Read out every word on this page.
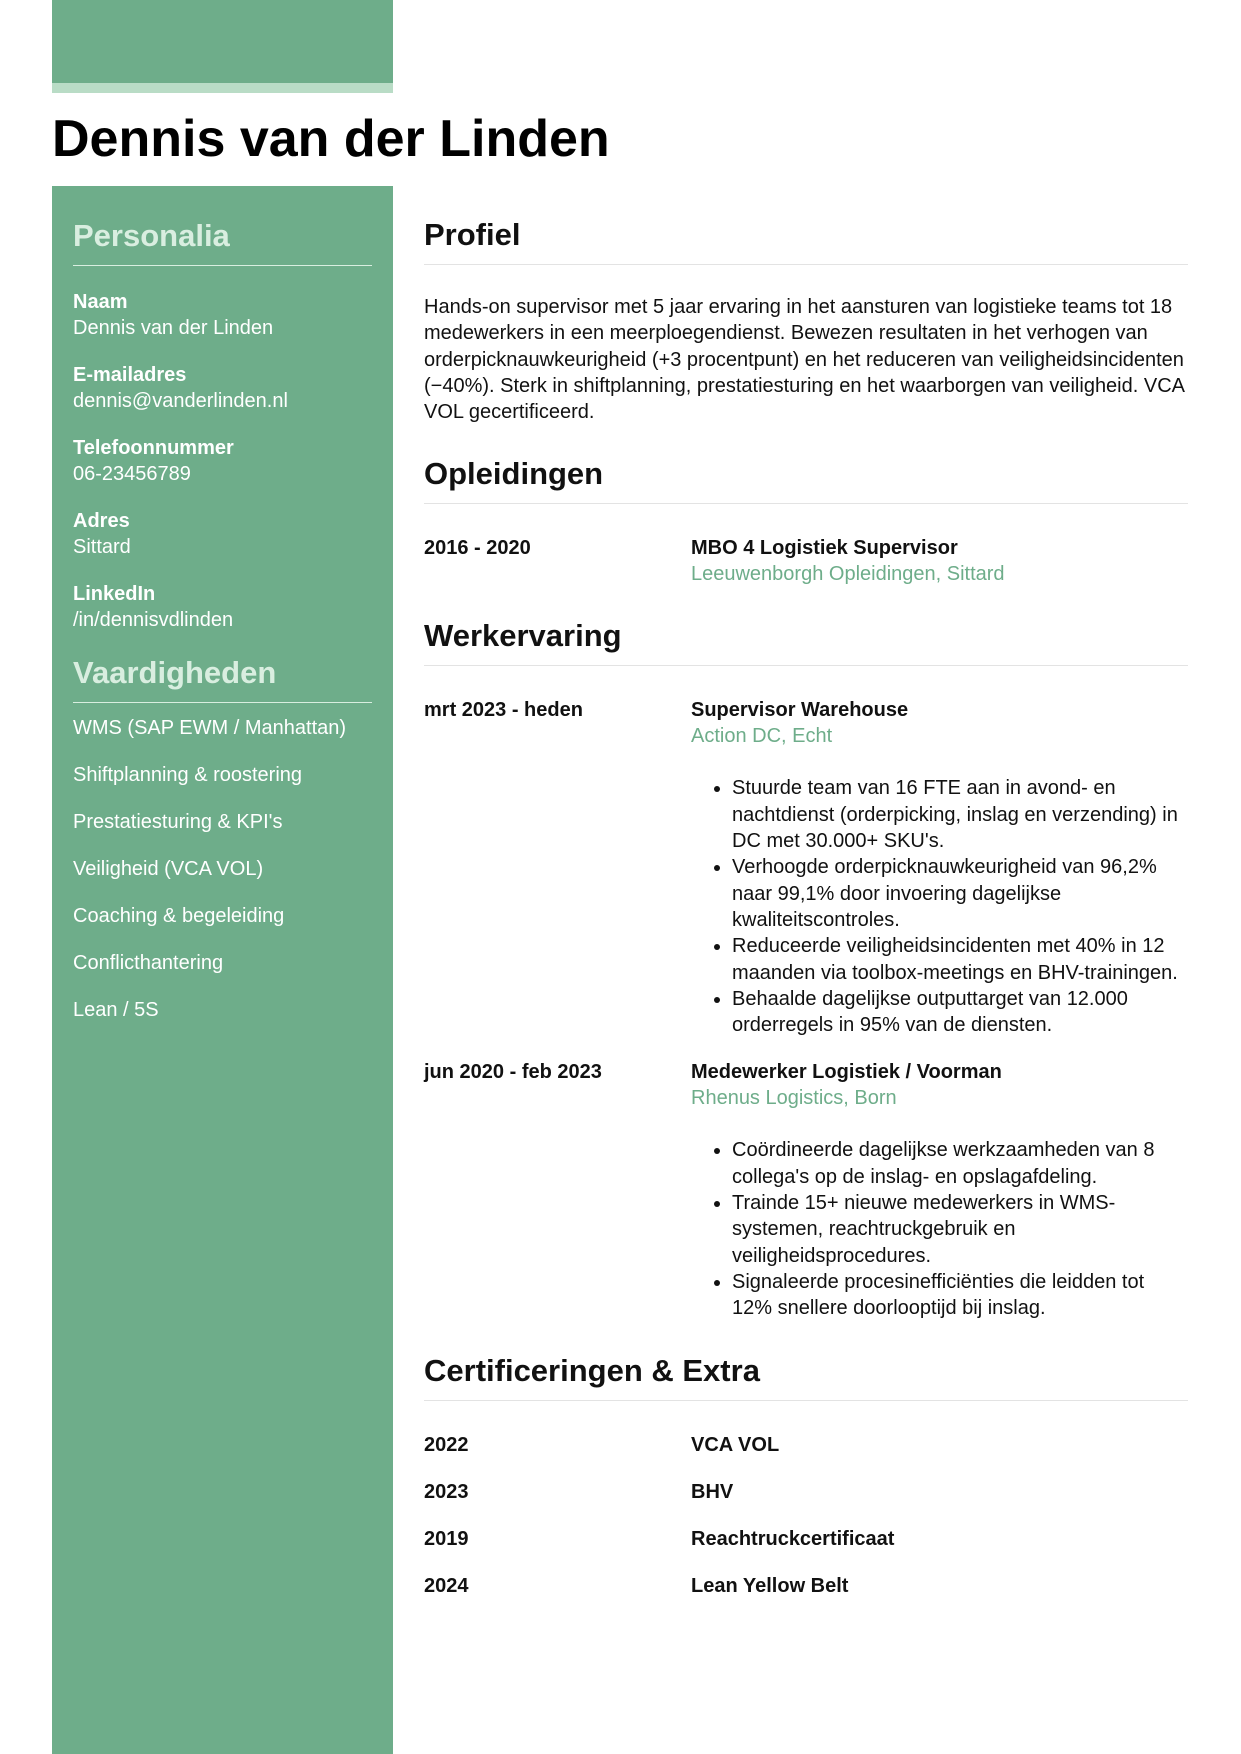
Dennis van der Linden
Personalia
Naam
Dennis van der Linden
E-mailadres
dennis@vanderlinden.nl
Telefoonnummer
06-23456789
Adres
Sittard
LinkedIn
/in/dennisvdlinden
Vaardigheden
WMS (SAP EWM / Manhattan)
Shiftplanning & roostering
Prestatiesturing & KPI's
Veiligheid (VCA VOL)
Coaching & begeleiding
Conflicthantering
Lean / 5S
Profiel

Hands-on supervisor met 5 jaar ervaring in het aansturen van logistieke teams tot 18 medewerkers in een meerploegendienst. Bewezen resultaten in het verhogen van orderpicknauwkeurigheid (+3 procentpunt) en het reduceren van veiligheidsincidenten (−40%). Sterk in shiftplanning, prestatiesturing en het waarborgen van veiligheid. VCA VOL gecertificeerd.

Opleidingen
2016 - 2020	MBO 4 Logistiek Supervisor
Leeuwenborgh Opleidingen, Sittard
Werkervaring
mrt 2023 - heden	Supervisor Warehouse
Action DC, Echt
• Stuurde team van 16 FTE aan in avond- en nachtdienst (orderpicking, inslag en verzending) in DC met 30.000+ SKU's.
• Verhoogde orderpicknauwkeurigheid van 96,2% naar 99,1% door invoering dagelijkse kwaliteitscontroles.
• Reduceerde veiligheidsincidenten met 40% in 12 maanden via toolbox-meetings en BHV-trainingen.
• Behaalde dagelijkse outputtarget van 12.000 orderregels in 95% van de diensten.
jun 2020 - feb 2023	Medewerker Logistiek / Voorman
Rhenus Logistics, Born
• Coördineerde dagelijkse werkzaamheden van 8 collega's op de inslag- en opslagafdeling.
• Trainde 15+ nieuwe medewerkers in WMS-systemen, reachtruckgebruik en veiligheidsprocedures.
• Signaleerde procesinefficiënties die leidden tot 12% snellere doorlooptijd bij inslag.
Certificeringen & Extra
2022	VCA VOL
2023	BHV
2019	Reachtruckcertificaat
2024	Lean Yellow Belt
